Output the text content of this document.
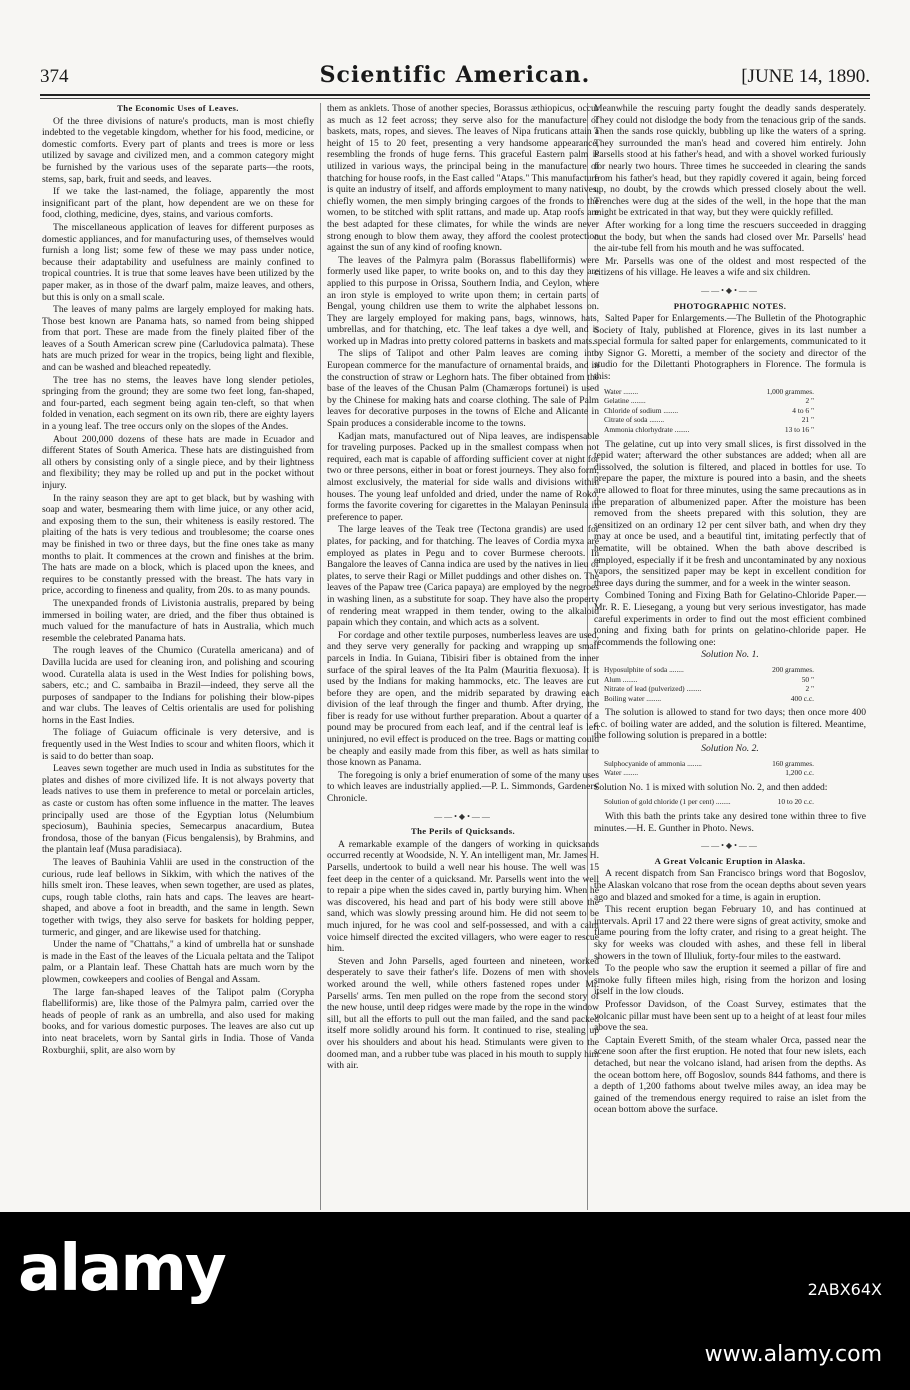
374	Scientific American.	[JUNE 14, 1890.

The Economic Uses of Leaves.

Of the three divisions of nature's products, man is most chiefly indebted to the vegetable kingdom, whether for his food, medicine, or domestic comforts. Every part of plants and trees is more or less utilized by savage and civilized men, and a common category might be furnished by the various uses of the separate parts—the roots, stems, sap, bark, fruit and seeds, and leaves.

If we take the last-named, the foliage, apparently the most insignificant part of the plant, how dependent are we on these for food, clothing, medicine, dyes, stains, and various comforts.

The miscellaneous application of leaves for different purposes as domestic appliances, and for manufacturing uses, of themselves would furnish a long list; some few of these we may pass under notice, because their adaptability and usefulness are mainly confined to tropical countries. It is true that some leaves have been utilized by the paper maker, as in those of the dwarf palm, maize leaves, and others, but this is only on a small scale.

The leaves of many palms are largely employed for making hats. Those best known are Panama hats, so named from being shipped from that port. These are made from the finely plaited fiber of the leaves of a South American screw pine (Carludovica palmata). These hats are much prized for wear in the tropics, being light and flexible, and can be washed and bleached repeatedly.

The tree has no stems, the leaves have long slender petioles, springing from the ground; they are some two feet long, fan-shaped, and four-parted, each segment being again ten-cleft, so that when folded in venation, each segment on its own rib, there are eighty layers in a young leaf. The tree occurs only on the slopes of the Andes.

About 200,000 dozens of these hats are made in Ecuador and different States of South America. These hats are distinguished from all others by consisting only of a single piece, and by their lightness and flexibility; they may be rolled up and put in the pocket without injury.

In the rainy season they are apt to get black, but by washing with soap and water, besmearing them with lime juice, or any other acid, and exposing them to the sun, their whiteness is easily restored. The plaiting of the hats is very tedious and troublesome; the coarse ones may be finished in two or three days, but the fine ones take as many months to plait. It commences at the crown and finishes at the brim. The hats are made on a block, which is placed upon the knees, and requires to be constantly pressed with the breast. The hats vary in price, according to fineness and quality, from 20s. to as many pounds.

The unexpanded fronds of Livistonia australis, prepared by being immersed in boiling water, are dried, and the fiber thus obtained is much valued for the manufacture of hats in Australia, which much resemble the celebrated Panama hats.

The rough leaves of the Chumico (Curatella americana) and of Davilla lucida are used for cleaning iron, and polishing and scouring wood. Curatella alata is used in the West Indies for polishing bows, sabers, etc.; and C. sambaiba in Brazil—indeed, they serve all the purposes of sandpaper to the Indians for polishing their blow-pipes and war clubs. The leaves of Celtis orientalis are used for polishing horns in the East Indies.

The foliage of Guiacum officinale is very detersive, and is frequently used in the West Indies to scour and whiten floors, which it is said to do better than soap.

Leaves sewn together are much used in India as substitutes for the plates and dishes of more civilized life. It is not always poverty that leads natives to use them in preference to metal or porcelain articles, as caste or custom has often some influence in the matter. The leaves principally used are those of the Egyptian lotus (Nelumbium speciosum), Bauhinia species, Semecarpus anacardium, Butea frondosa, those of the banyan (Ficus bengalensis), by Brahmins, and the plantain leaf (Musa paradisiaca).

The leaves of Bauhinia Vahlii are used in the construction of the curious, rude leaf bellows in Sikkim, with which the natives of the hills smelt iron. These leaves, when sewn together, are used as plates, cups, rough table cloths, rain hats and caps. The leaves are heart-shaped, and above a foot in breadth, and the same in length. Sewn together with twigs, they also serve for baskets for holding pepper, turmeric, and ginger, and are likewise used for thatching.

Under the name of "Chattahs," a kind of umbrella hat or sunshade is made in the East of the leaves of the Licuala peltata and the Talipot palm, or a Plantain leaf. These Chattah hats are much worn by the plowmen, cowkeepers and coolies of Bengal and Assam.

The large fan-shaped leaves of the Talipot palm (Corypha flabelliformis) are, like those of the Palmyra palm, carried over the heads of people of rank as an umbrella, and also used for making books, and for various domestic purposes. The leaves are also cut up into neat bracelets, worn by Santal girls in India. Those of Vanda Roxburghii, split, are also worn by

them as anklets. Those of another species, Borassus æthiopicus, occur as much as 12 feet across; they serve also for the manufacture of baskets, mats, ropes, and sieves. The leaves of Nipa fruticans attain a height of 15 to 20 feet, presenting a very handsome appearance, resembling the fronds of huge ferns. This graceful Eastern palm is utilized in various ways, the principal being in the manufacture of thatching for house roofs, in the East called "Ataps." This manufacture is quite an industry of itself, and affords employment to many natives, chiefly women, the men simply bringing cargoes of the fronds to the women, to be stitched with split rattans, and made up. Atap roofs are the best adapted for these climates, for while the winds are never strong enough to blow them away, they afford the coolest protection against the sun of any kind of roofing known.

The leaves of the Palmyra palm (Borassus flabelliformis) were formerly used like paper, to write books on, and to this day they are applied to this purpose in Orissa, Southern India, and Ceylon, where an iron style is employed to write upon them; in certain parts of Bengal, young children use them to write the alphabet lessons on. They are largely employed for making pans, bags, winnows, hats, umbrellas, and for thatching, etc. The leaf takes a dye well, and is worked up in Madras into pretty colored patterns in baskets and mats.

The slips of Talipot and other Palm leaves are coming into European commerce for the manufacture of ornamental braids, and in the construction of straw or Leghorn hats. The fiber obtained from the base of the leaves of the Chusan Palm (Chamærops fortunei) is used by the Chinese for making hats and coarse clothing. The sale of Palm leaves for decorative purposes in the towns of Elche and Alicante in Spain produces a considerable income to the towns.

Kadjan mats, manufactured out of Nipa leaves, are indispensable for traveling purposes. Packed up in the smallest compass when not required, each mat is capable of affording sufficient cover at night for two or three persons, either in boat or forest journeys. They also form, almost exclusively, the material for side walls and divisions within houses. The young leaf unfolded and dried, under the name of Roko, forms the favorite covering for cigarettes in the Malayan Peninsula in preference to paper.

The large leaves of the Teak tree (Tectona grandis) are used for plates, for packing, and for thatching. The leaves of Cordia myxa are employed as plates in Pegu and to cover Burmese cheroots. In Bangalore the leaves of Canna indica are used by the natives in lieu of plates, to serve their Ragi or Millet puddings and other dishes on. The leaves of the Papaw tree (Carica papaya) are employed by the negroes in washing linen, as a substitute for soap. They have also the property of rendering meat wrapped in them tender, owing to the alkaloid papain which they contain, and which acts as a solvent.

For cordage and other textile purposes, numberless leaves are used, and they serve very generally for packing and wrapping up small parcels in India. In Guiana, Tibisiri fiber is obtained from the inner surface of the spiral leaves of the Ita Palm (Mauritia flexuosa). It is used by the Indians for making hammocks, etc. The leaves are cut before they are open, and the midrib separated by drawing each division of the leaf through the finger and thumb. After drying, the fiber is ready for use without further preparation. About a quarter of a pound may be procured from each leaf, and if the central leaf is left uninjured, no evil effect is produced on the tree. Bags or matting could be cheaply and easily made from this fiber, as well as hats similar to those known as Panama.

The foregoing is only a brief enumeration of some of the many uses to which leaves are industrially applied.—P. L. Simmonds, Gardeners' Chronicle.

——•◆•——

The Perils of Quicksands.

A remarkable example of the dangers of working in quicksands occurred recently at Woodside, N. Y. An intelligent man, Mr. James H. Parsells, undertook to build a well near his house. The well was 15 feet deep in the center of a quicksand. Mr. Parsells went into the well to repair a pipe when the sides caved in, partly burying him. When he was discovered, his head and part of his body were still above the sand, which was slowly pressing around him. He did not seem to be much injured, for he was cool and self-possessed, and with a calm voice himself directed the excited villagers, who were eager to rescue him.

Steven and John Parsells, aged fourteen and nineteen, worked desperately to save their father's life. Dozens of men with shovels worked around the well, while others fastened ropes under Mr. Parsells' arms. Ten men pulled on the rope from the second story of the new house, until deep ridges were made by the rope in the window sill, but all the efforts to pull out the man failed, and the sand packed itself more solidly around his form. It continued to rise, stealing up over his shoulders and about his head. Stimulants were given to the doomed man, and a rubber tube was placed in his mouth to supply him with air.

Meanwhile the rescuing party fought the deadly sands desperately. They could not dislodge the body from the tenacious grip of the sands. Then the sands rose quickly, bubbling up like the waters of a spring. They surrounded the man's head and covered him entirely. John Parsells stood at his father's head, and with a shovel worked furiously for nearly two hours. Three times he succeeded in clearing the sands from his father's head, but they rapidly covered it again, being forced up, no doubt, by the crowds which pressed closely about the well. Trenches were dug at the sides of the well, in the hope that the man might be extricated in that way, but they were quickly refilled.

After working for a long time the rescuers succeeded in dragging out the body, but when the sands had closed over Mr. Parsells' head the air-tube fell from his mouth and he was suffocated.

Mr. Parsells was one of the oldest and most respected of the citizens of his village. He leaves a wife and six children.

——•◆•——

PHOTOGRAPHIC NOTES.

Salted Paper for Enlargements.—The Bulletin of the Photographic Society of Italy, published at Florence, gives in its last number a special formula for salted paper for enlargements, communicated to it by Signor G. Moretti, a member of the society and director of the studio for the Dilettanti Photographers in Florence. The formula is this:

Water ........	1,000 grammes.
Gelatine ........	2 "
Chloride of sodium ........	4 to 6 "
Citrate of soda ........	21 "
Ammonia chlorhydrate ........	13 to 16 "

The gelatine, cut up into very small slices, is first dissolved in the tepid water; afterward the other substances are added; when all are dissolved, the solution is filtered, and placed in bottles for use. To prepare the paper, the mixture is poured into a basin, and the sheets are allowed to float for three minutes, using the same precautions as in the preparation of albumenized paper. After the moisture has been removed from the sheets prepared with this solution, they are sensitized on an ordinary 12 per cent silver bath, and when dry they may at once be used, and a beautiful tint, imitating perfectly that of hematite, will be obtained. When the bath above described is employed, especially if it be fresh and uncontaminated by any noxious vapors, the sensitized paper may be kept in excellent condition for three days during the summer, and for a week in the winter season.

Combined Toning and Fixing Bath for Gelatino-Chloride Paper.—Mr. R. E. Liesegang, a young but very serious investigator, has made careful experiments in order to find out the most efficient combined toning and fixing bath for prints on gelatino-chloride paper. He recommends the following one:

Solution No. 1.

Hyposulphite of soda ........	200 grammes.
Alum ........	50 "
Nitrate of lead (pulverized) ........	2 "
Boiling water ........	400 c.c.

The solution is allowed to stand for two days; then once more 400 c.c. of boiling water are added, and the solution is filtered. Meantime, the following solution is prepared in a bottle:

Solution No. 2.

Sulphocyanide of ammonia ........	160 grammes.
Water ........	1,200 c.c.

Solution No. 1 is mixed with solution No. 2, and then added:

Solution of gold chloride (1 per cent) ........	10 to 20 c.c.

With this bath the prints take any desired tone within three to five minutes.—H. E. Gunther in Photo. News.

——•◆•——

A Great Volcanic Eruption in Alaska.

A recent dispatch from San Francisco brings word that Bogoslov, the Alaskan volcano that rose from the ocean depths about seven years ago and blazed and smoked for a time, is again in eruption.

This recent eruption began February 10, and has continued at intervals. April 17 and 22 there were signs of great activity, smoke and flame pouring from the lofty crater, and rising to a great height. The sky for weeks was clouded with ashes, and these fell in liberal showers in the town of Illuliuk, forty-four miles to the eastward.

To the people who saw the eruption it seemed a pillar of fire and smoke fully fifteen miles high, rising from the horizon and losing itself in the low clouds.

Professor Davidson, of the Coast Survey, estimates that the volcanic pillar must have been sent up to a height of at least four miles above the sea.

Captain Everett Smith, of the steam whaler Orca, passed near the scene soon after the first eruption. He noted that four new islets, each detached, but near the volcano island, had arisen from the depths. As the ocean bottom here, off Bogoslov, sounds 844 fathoms, and there is a depth of 1,200 fathoms about twelve miles away, an idea may be gained of the tremendous energy required to raise an islet from the ocean bottom above the surface.

alamy	2ABX64X
www.alamy.com
